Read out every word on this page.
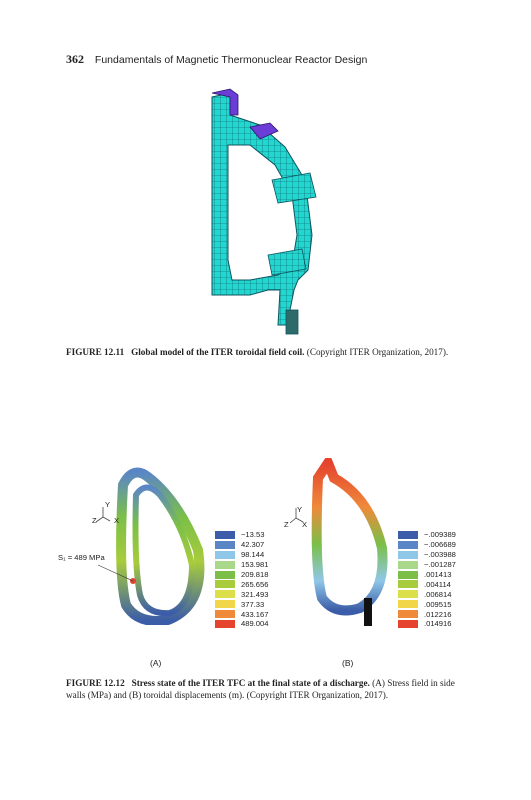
362 Fundamentals of Magnetic Thermonuclear Reactor Design
FIGURE 12.11 Global model of the ITER toroidal field coil. (Copyright ITER Organization, 2017).
Y
Z X
S₁ = 489 MPa
−13.53
42.307
98.144
153.981
209.818
265.656
321.493
377.33
433.167
489.004
Y
Z X
−.009389
−.006689
−.003988
−.001287
.001413
.004114
.006814
.009515
.012216
.014916
(A)	(B)
FIGURE 12.12 Stress state of the ITER TFC at the final state of a discharge. (A) Stress field in side walls (MPa) and (B) toroidal displacements (m). (Copyright ITER Organization, 2017).
